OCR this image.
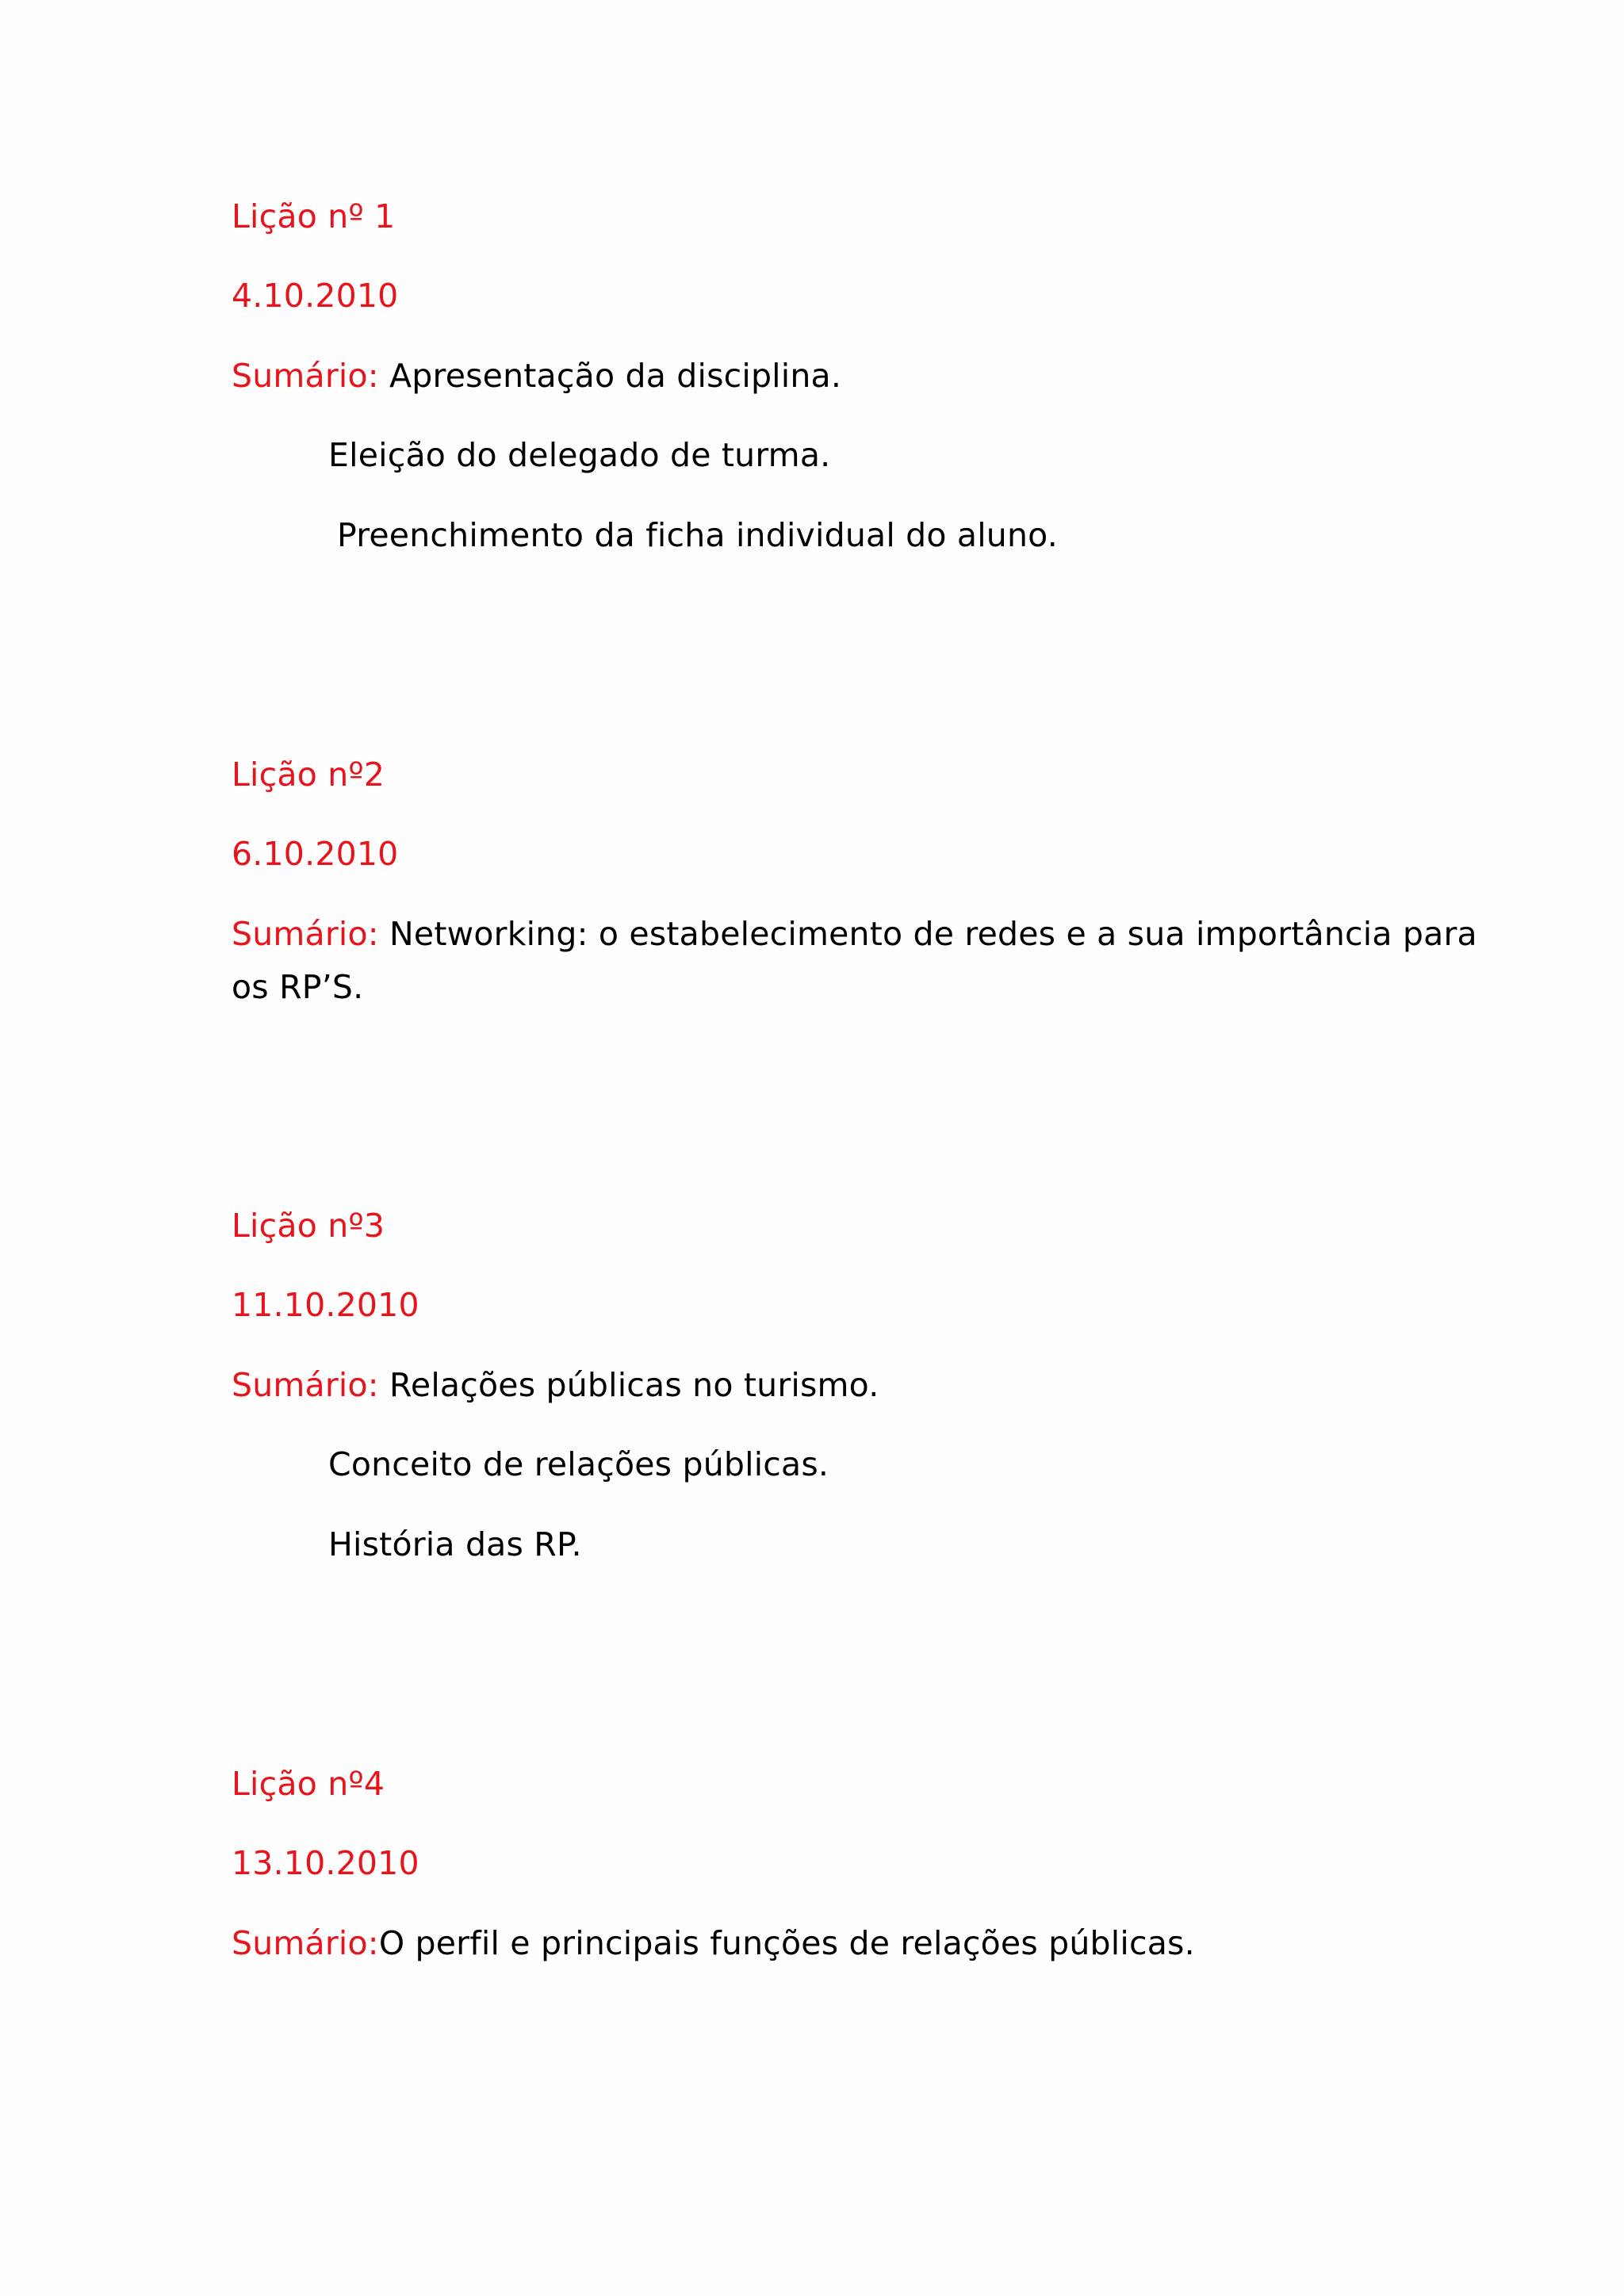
Lição nº 1
4.10.2010
Sumário: Apresentação da disciplina.
Eleição do delegado de turma.
Preenchimento da ficha individual do aluno.
Lição nº2
6.10.2010
Sumário: Networking: o estabelecimento de redes e a sua importância para
os RP’S.
Lição nº3
11.10.2010
Sumário: Relações públicas no turismo.
Conceito de relações públicas.
História das RP.
Lição nº4
13.10.2010
Sumário:O perfil e principais funções de relações públicas.
